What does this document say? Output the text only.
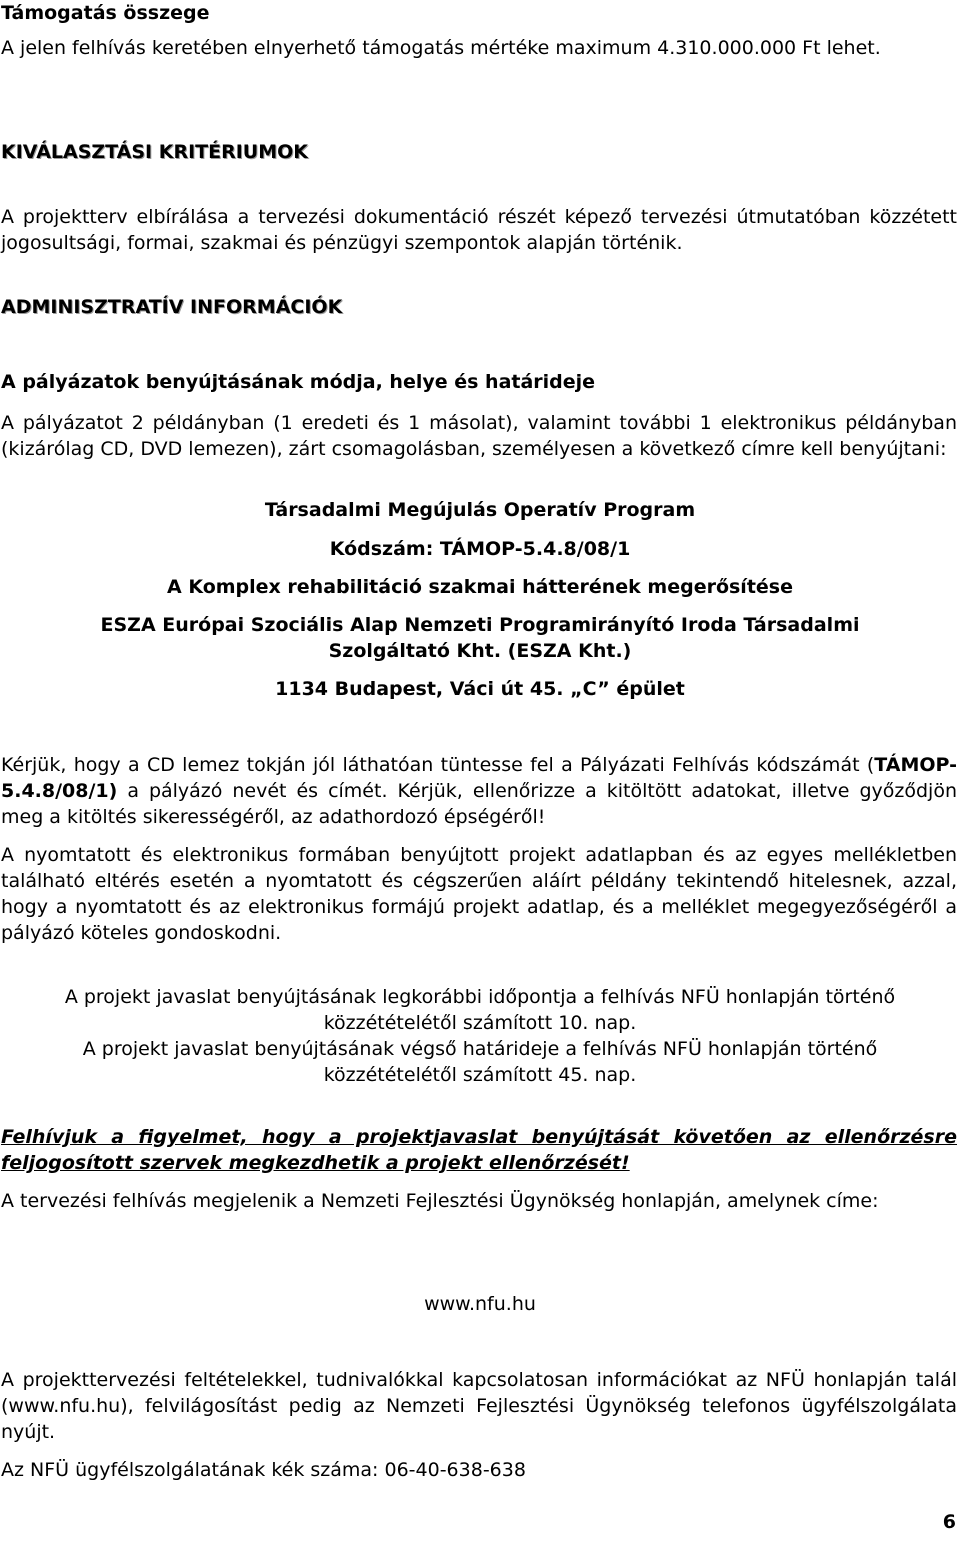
Támogatás összege

A jelen felhívás keretében elnyerhető támogatás mértéke maximum 4.310.000.000 Ft lehet.

KIVÁLASZTÁSI KRITÉRIUMOK

A projektterv elbírálása a tervezési dokumentáció részét képező tervezési útmutatóban közzétett jogosultsági, formai, szakmai és pénzügyi szempontok alapján történik.

ADMINISZTRATÍV INFORMÁCIÓK
A pályázatok benyújtásának módja, helye és határideje

A pályázatot 2 példányban (1 eredeti és 1 másolat), valamint további 1 elektronikus példányban (kizárólag CD, DVD lemezen), zárt csomagolásban, személyesen a következő címre kell benyújtani:

Társadalmi Megújulás Operatív Program
Kódszám: TÁMOP-5.4.8/08/1
A Komplex rehabilitáció szakmai hátterének megerősítése
ESZA Európai Szociális Alap Nemzeti Programirányító Iroda Társadalmi
Szolgáltató Kht. (ESZA Kht.)
1134 Budapest, Váci út 45. „C” épület

Kérjük, hogy a CD lemez tokján jól láthatóan tüntesse fel a Pályázati Felhívás kódszámát (TÁMOP-5.4.8/08/1) a pályázó nevét és címét. Kérjük, ellenőrizze a kitöltött adatokat, illetve győződjön meg a kitöltés sikerességéről, az adathordozó épségéről!

A nyomtatott és elektronikus formában benyújtott projekt adatlapban és az egyes mellékletben található eltérés esetén a nyomtatott és cégszerűen aláírt példány tekintendő hitelesnek, azzal, hogy a nyomtatott és az elektronikus formájú projekt adatlap, és a melléklet megegyezőségéről a pályázó köteles gondoskodni.

A projekt javaslat benyújtásának legkorábbi időpontja a felhívás NFÜ honlapján történő
közzétételétől számított 10. nap.
A projekt javaslat benyújtásának végső határideje a felhívás NFÜ honlapján történő
közzétételétől számított 45. nap.

Felhívjuk a figyelmet, hogy a projektjavaslat benyújtását követően az ellenőrzésre feljogosított szervek megkezdhetik a projekt ellenőrzését!

A tervezési felhívás megjelenik a Nemzeti Fejlesztési Ügynökség honlapján, amelynek címe:

www.nfu.hu

A projekttervezési feltételekkel, tudnivalókkal kapcsolatosan információkat az NFÜ honlapján talál (www.nfu.hu), felvilágosítást pedig az Nemzeti Fejlesztési Ügynökség telefonos ügyfélszolgálata nyújt.

Az NFÜ ügyfélszolgálatának kék száma: 06-40-638-638

6
